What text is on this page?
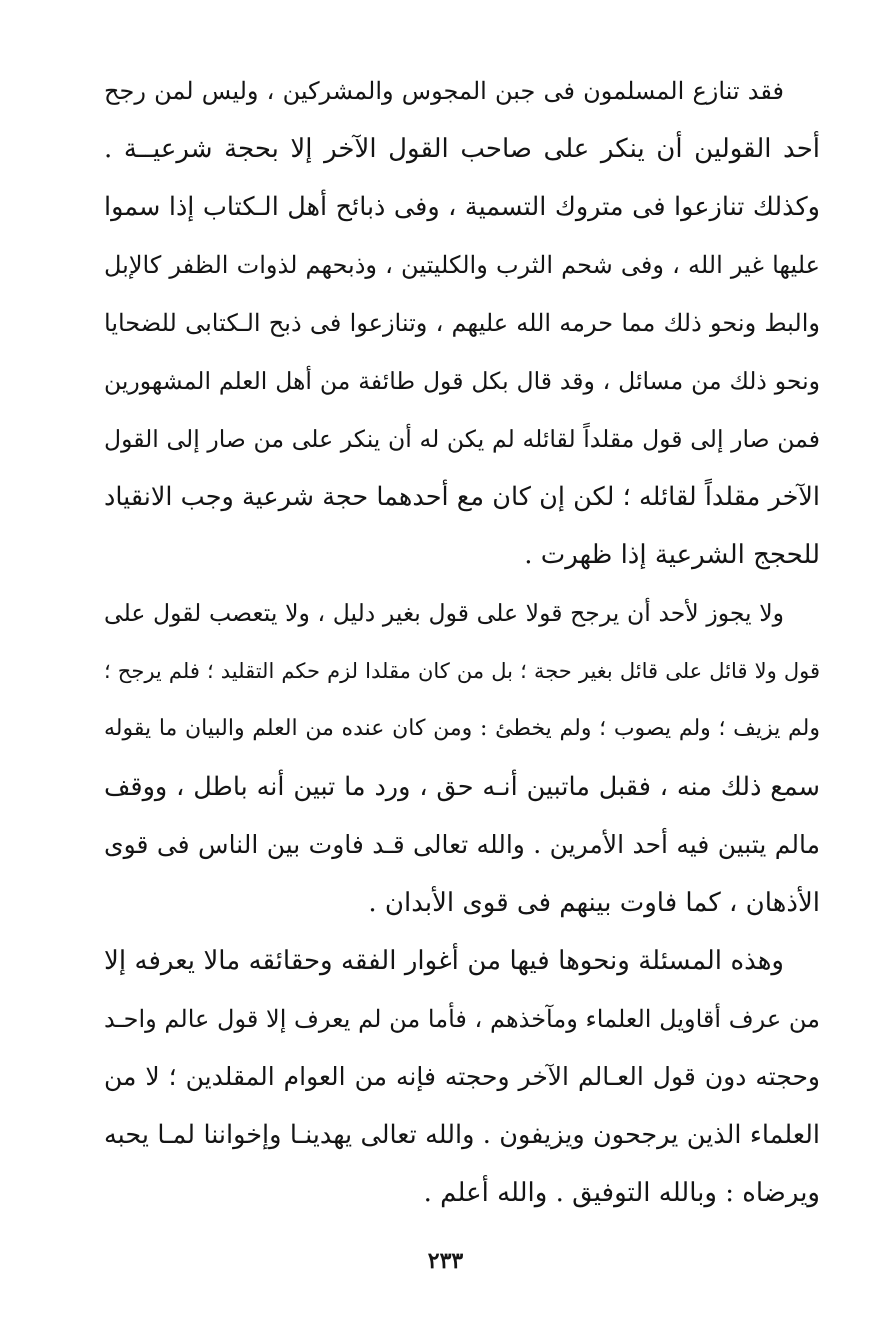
فقد تنازع المسلمون فى جبن المجوس والمشركين ، وليس لمن رجح
أحد القولين أن ينكر على صاحب القول الآخر إلا بحجة شرعيــة .
وكذلك تنازعوا فى متروك التسمية ، وفى ذبائح أهل الـكتاب إذا سموا
عليها غير الله ، وفى شحم الثرب والكليتين ، وذبحهم لذوات الظفر كالإبل
والبط ونحو ذلك مما حرمه الله عليهم ، وتنازعوا فى ذبح الـكتابى للضحايا
ونحو ذلك من مسائل ، وقد قال بكل قول طائفة من أهل العلم المشهورين
فمن صار إلى قول مقلداً لقائله لم يكن له أن ينكر على من صار إلى القول
الآخر مقلداً لقائله ؛ لكن إن كان مع أحدهما حجة شرعية وجب الانقياد
للحجج الشرعية إذا ظهرت .
ولا يجوز لأحد أن يرجح قولا على قول بغير دليل ، ولا يتعصب لقول على
قول ولا قائل على قائل بغير حجة ؛ بل من كان مقلدا لزم حكم التقليد ؛ فلم يرجح ؛
ولم يزيف ؛ ولم يصوب ؛ ولم يخطئ : ومن كان عنده من العلم والبيان ما يقوله
سمع ذلك منه ، فقبل ماتبين أنـه حق ، ورد ما تبين أنه باطل ، ووقف
مالم يتبين فيه أحد الأمرين . والله تعالى قـد فاوت بين الناس فى قوى
الأذهان ، كما فاوت بينهم فى قوى الأبدان .
وهذه المسئلة ونحوها فيها من أغوار الفقه وحقائقه مالا يعرفه إلا
من عرف أقاويل العلماء ومآخذهم ، فأما من لم يعرف إلا قول عالم واحـد
وحجته دون قول العـالم الآخر وحجته فإنه من العوام المقلدين ؛ لا من
العلماء الذين يرجحون ويزيفون . والله تعالى يهدينـا وإخواننا لمـا يحبه
ويرضاه : وبالله التوفيق . والله أعلم .
٢٣٣
